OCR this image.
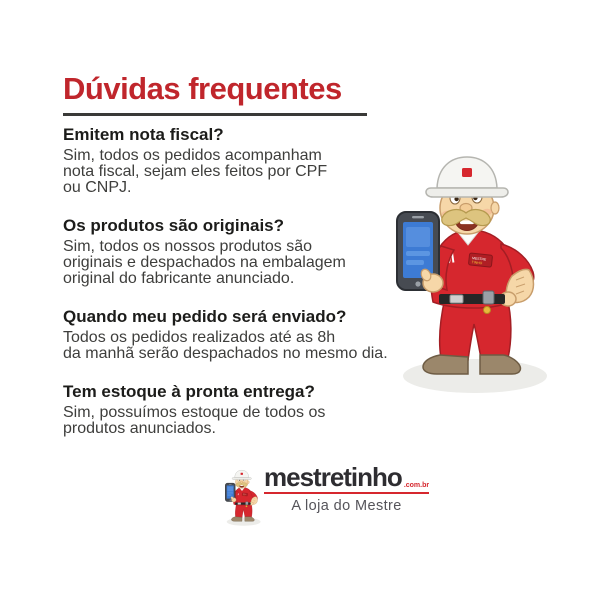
Dúvidas frequentes
Emitem nota fiscal?
Sim, todos os pedidos acompanham
nota fiscal, sejam eles feitos por CPF
ou CNPJ.
Os produtos são originais?
Sim, todos os nossos produtos são
originais e despachados na embalagem
original do fabricante anunciado.
Quando meu pedido será enviado?
Todos os pedidos realizados até as 8h
da manhã serão despachados no mesmo dia.
Tem estoque à pronta entrega?
Sim, possuímos estoque de todos os
produtos anunciados.
MESTRE
TINHO
mestretinho .com.br
A loja do Mestre
